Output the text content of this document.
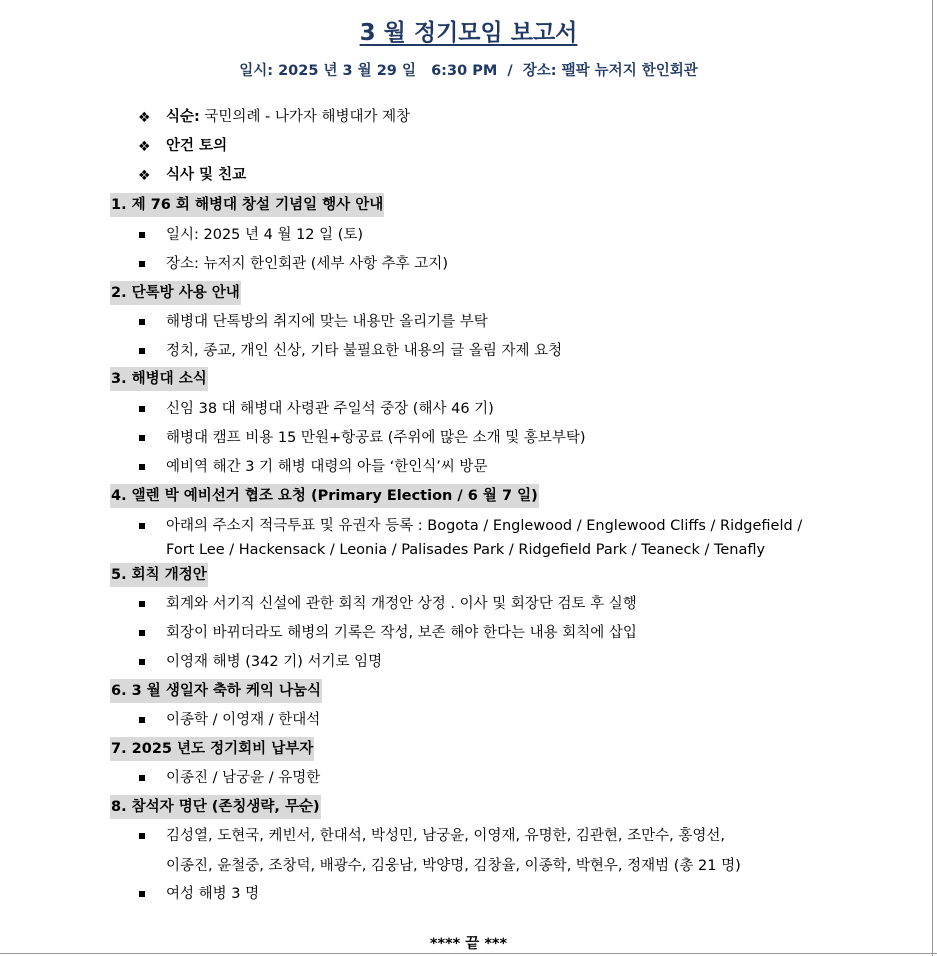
3 월 정기모임 보고서
일시: 2025 년 3 월 29 일   6:30 PM  /  장소: 팰팍 뉴저지 한인회관
❖ 식순: 국민의례 - 나가자 해병대가 제창
❖ 안건 토의
❖ 식사 및 친교
1. 제 76 회 해병대 창설 기념일 행사 안내
일시: 2025 년 4 월 12 일 (토)
장소: 뉴저지 한인회관 (세부 사항 추후 고지)
2. 단톡방 사용 안내
해병대 단톡방의 취지에 맞는 내용만 올리기를 부탁
정치, 종교, 개인 신상, 기타 불필요한 내용의 글 올림 자제 요청
3. 해병대 소식
신임 38 대 해병대 사령관 주일석 중장 (해사 46 기)
해병대 캠프 비용 15 만원+항공료 (주위에 많은 소개 및 홍보부탁)
예비역 해간 3 기 해병 대령의 아들 ‘한인식’씨 방문
4. 앨렌 박 예비선거 협조 요청 (Primary Election / 6 월 7 일)
아래의 주소지 적극투표 및 유권자 등록 : Bogota / Englewood / Englewood Cliffs / Ridgefield /
Fort Lee / Hackensack / Leonia / Palisades Park / Ridgefield Park / Teaneck / Tenafly
5. 회칙 개정안
회계와 서기직 신설에 관한 회칙 개정안 상정 . 이사 및 회장단 검토 후 실행
회장이 바뀌더라도 해병의 기록은 작성, 보존 해야 한다는 내용 회칙에 삽입
이영재 해병 (342 기) 서기로 임명
6. 3 월 생일자 축하 케익 나눔식
이종학 / 이영재 / 한대석
7. 2025 년도 정기회비 납부자
이종진 / 남궁윤 / 유명한
8. 참석자 명단 (존칭생략, 무순)
김성열, 도현국, 케빈서, 한대석, 박성민, 남궁윤, 이영재, 유명한, 김관현, 조만수, 홍영선,
이종진, 윤철중, 조창덕, 배광수, 김웅남, 박양명, 김창율, 이종학, 박현우, 정재범 (총 21 명)
여성 해병 3 명
**** 끝 ***
